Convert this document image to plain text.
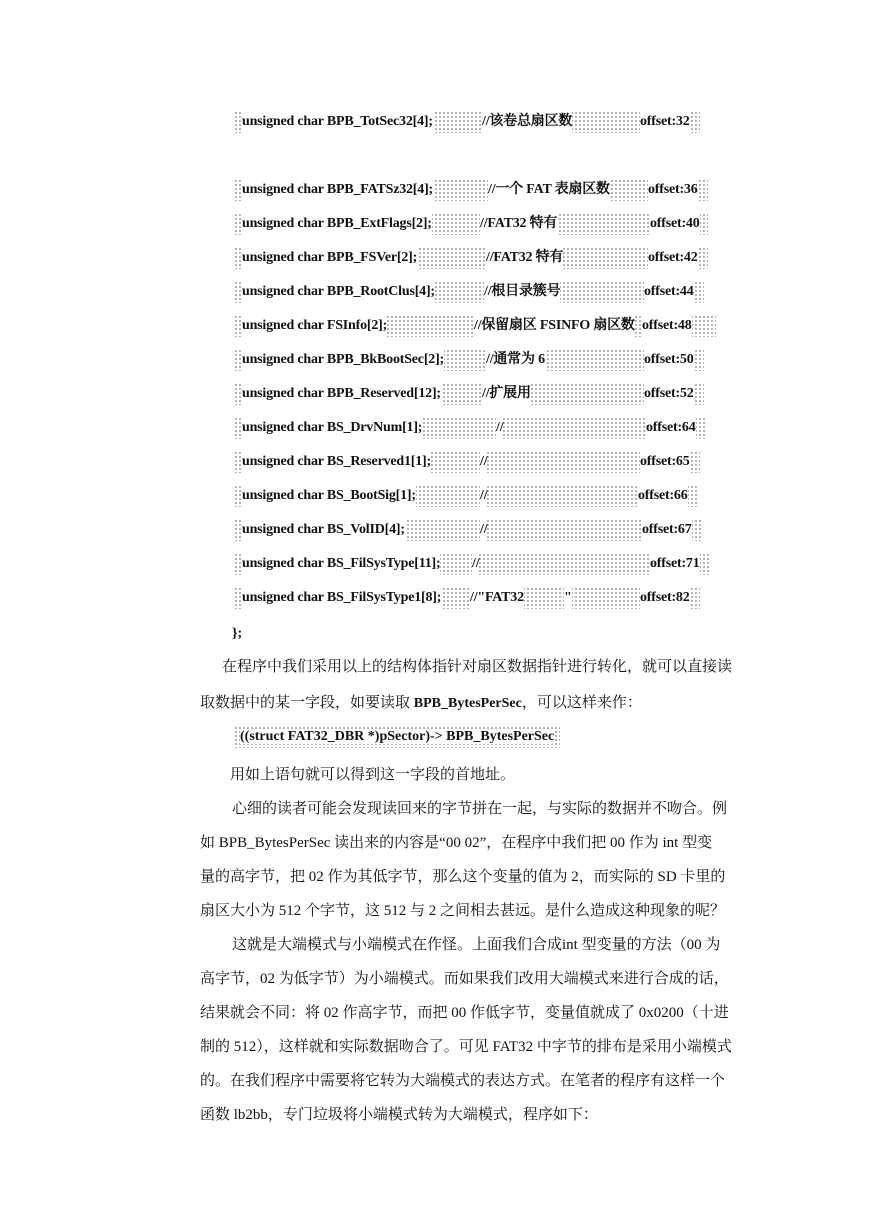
unsigned char BPB_TotSec32[4];	//该卷总扇区数	offset:32
unsigned char BPB_FATSz32[4];	//一个 FAT 表扇区数	offset:36
unsigned char BPB_ExtFlags[2];	//FAT32 特有	offset:40
unsigned char BPB_FSVer[2];	//FAT32 特有	offset:42
unsigned char BPB_RootClus[4];	//根目录簇号	offset:44
unsigned char FSInfo[2];	//保留扇区 FSINFO 扇区数 offset:48
unsigned char BPB_BkBootSec[2];	//通常为 6	offset:50
unsigned char BPB_Reserved[12];	//扩展用	offset:52
unsigned char BS_DrvNum[1];	//	offset:64
unsigned char BS_Reserved1[1];	//	offset:65
unsigned char BS_BootSig[1];	//	offset:66
unsigned char BS_VolID[4];	//	offset:67
unsigned char BS_FilSysType[11]; //	offset:71
unsigned char BS_FilSysType1[8]; //"FAT32	"	offset:82
};

在程序中我们采用以上的结构体指针对扇区数据指针进行转化，就可以直接读

取数据中的某一字段，如要读取 BPB_BytesPerSec，可以这样来作：

((struct FAT32_DBR *)pSector)-> BPB_BytesPerSec

用如上语句就可以得到这一字段的首地址。

心细的读者可能会发现读回来的字节拼在一起，与实际的数据并不吻合。例

如 BPB_BytesPerSec 读出来的内容是“00 02”，在程序中我们把 00 作为 int 型变

量的高字节，把 02 作为其低字节，那么这个变量的值为 2，而实际的 SD 卡里的

扇区大小为 512 个字节，这 512 与 2 之间相去甚远。是什么造成这种现象的呢？

这就是大端模式与小端模式在作怪。上面我们合成int 型变量的方法（00 为

高字节，02 为低字节）为小端模式。而如果我们改用大端模式来进行合成的话，

结果就会不同：将 02 作高字节，而把 00 作低字节，变量值就成了 0x0200（十进

制的 512），这样就和实际数据吻合了。可见 FAT32 中字节的排布是采用小端模式

的。在我们程序中需要将它转为大端模式的表达方式。在笔者的程序有这样一个

函数 lb2bb，专门垃圾将小端模式转为大端模式，程序如下：
